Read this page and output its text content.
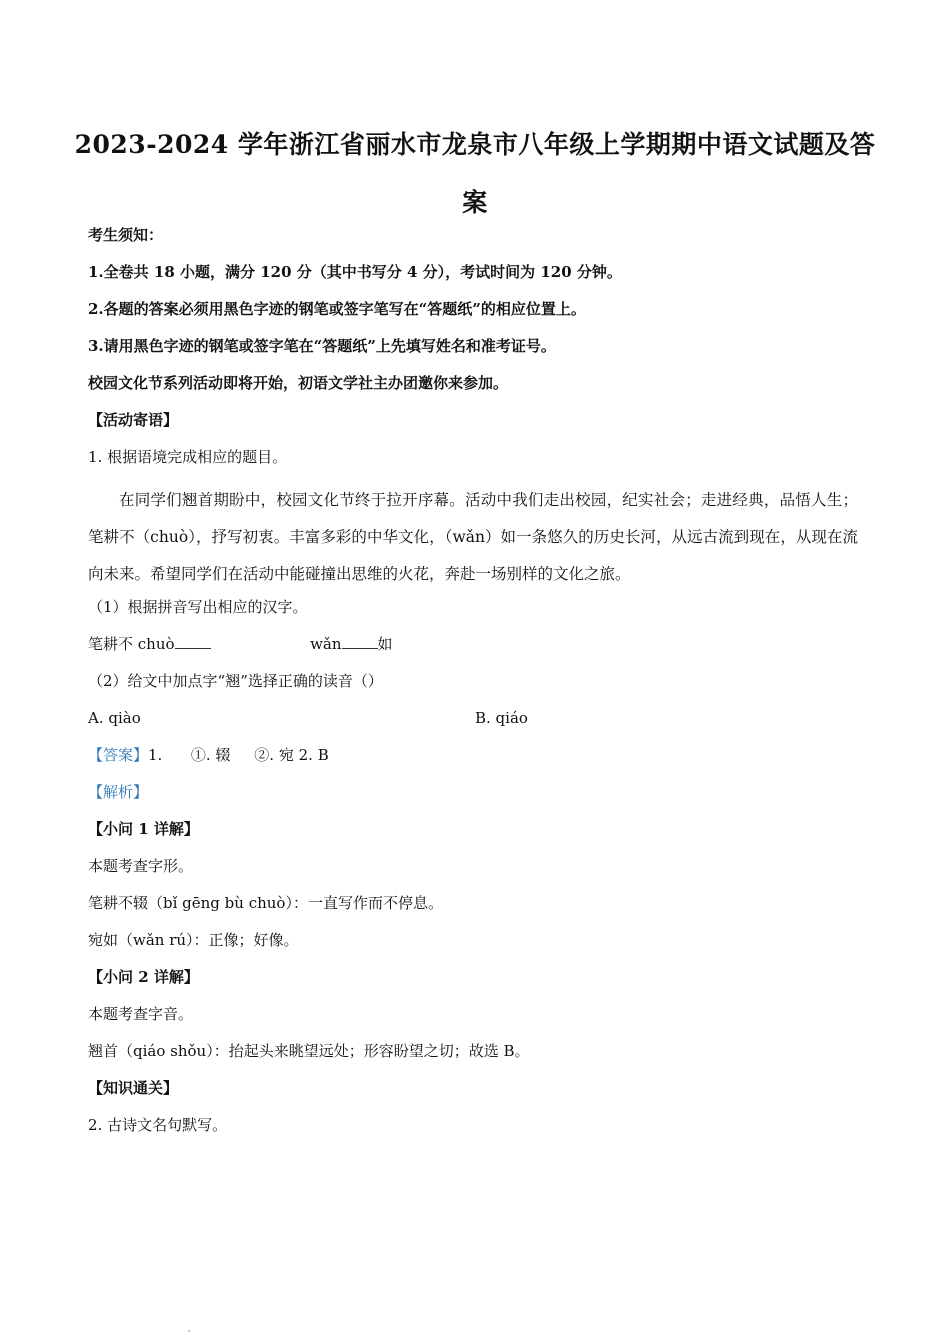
2023-2024 学年浙江省丽水市龙泉市八年级上学期期中语文试题及答
案
考生须知：
1.全卷共 18 小题，满分 120 分（其中书写分 4 分），考试时间为 120 分钟。
2.各题的答案必须用黑色字迹的钢笔或签字笔写在“答题纸”的相应位置上。
3.请用黑色字迹的钢笔或签字笔在“答题纸”上先填写姓名和准考证号。
校园文化节系列活动即将开始，初语文学社主办团邀你来参加。
【活动寄语】
1. 根据语境完成相应的题目。
在同学们翘首期盼中，校园文化节终于拉开序幕。活动中我们走出校园，纪实社会；走进经典，品悟人生；笔耕不（chuò），抒写初衷。丰富多彩的中华文化，（wǎn）如一条悠久的历史长河，从远古流到现在，从现在流向未来。希望同学们在活动中能碰撞出思维的火花，奔赴一场别样的文化之旅。
（1）根据拼音写出相应的汉字。
笔耕不 chuò	wǎn 如
（2）给文中加点字“翘”选择正确的读音（）
A. qiào	B. qiáo
【答案】1.      ①. 辍     ②. 宛 2. B
【解析】
【小问 1 详解】
本题考查字形。
笔耕不辍（bǐ gēng bù chuò）：一直写作而不停息。
宛如（wǎn rú）：正像；好像。
【小问 2 详解】
本题考查字音。
翘首（qiáo shǒu）：抬起头来眺望远处；形容盼望之切；故选 B。
【知识通关】
2. 古诗文名句默写。
